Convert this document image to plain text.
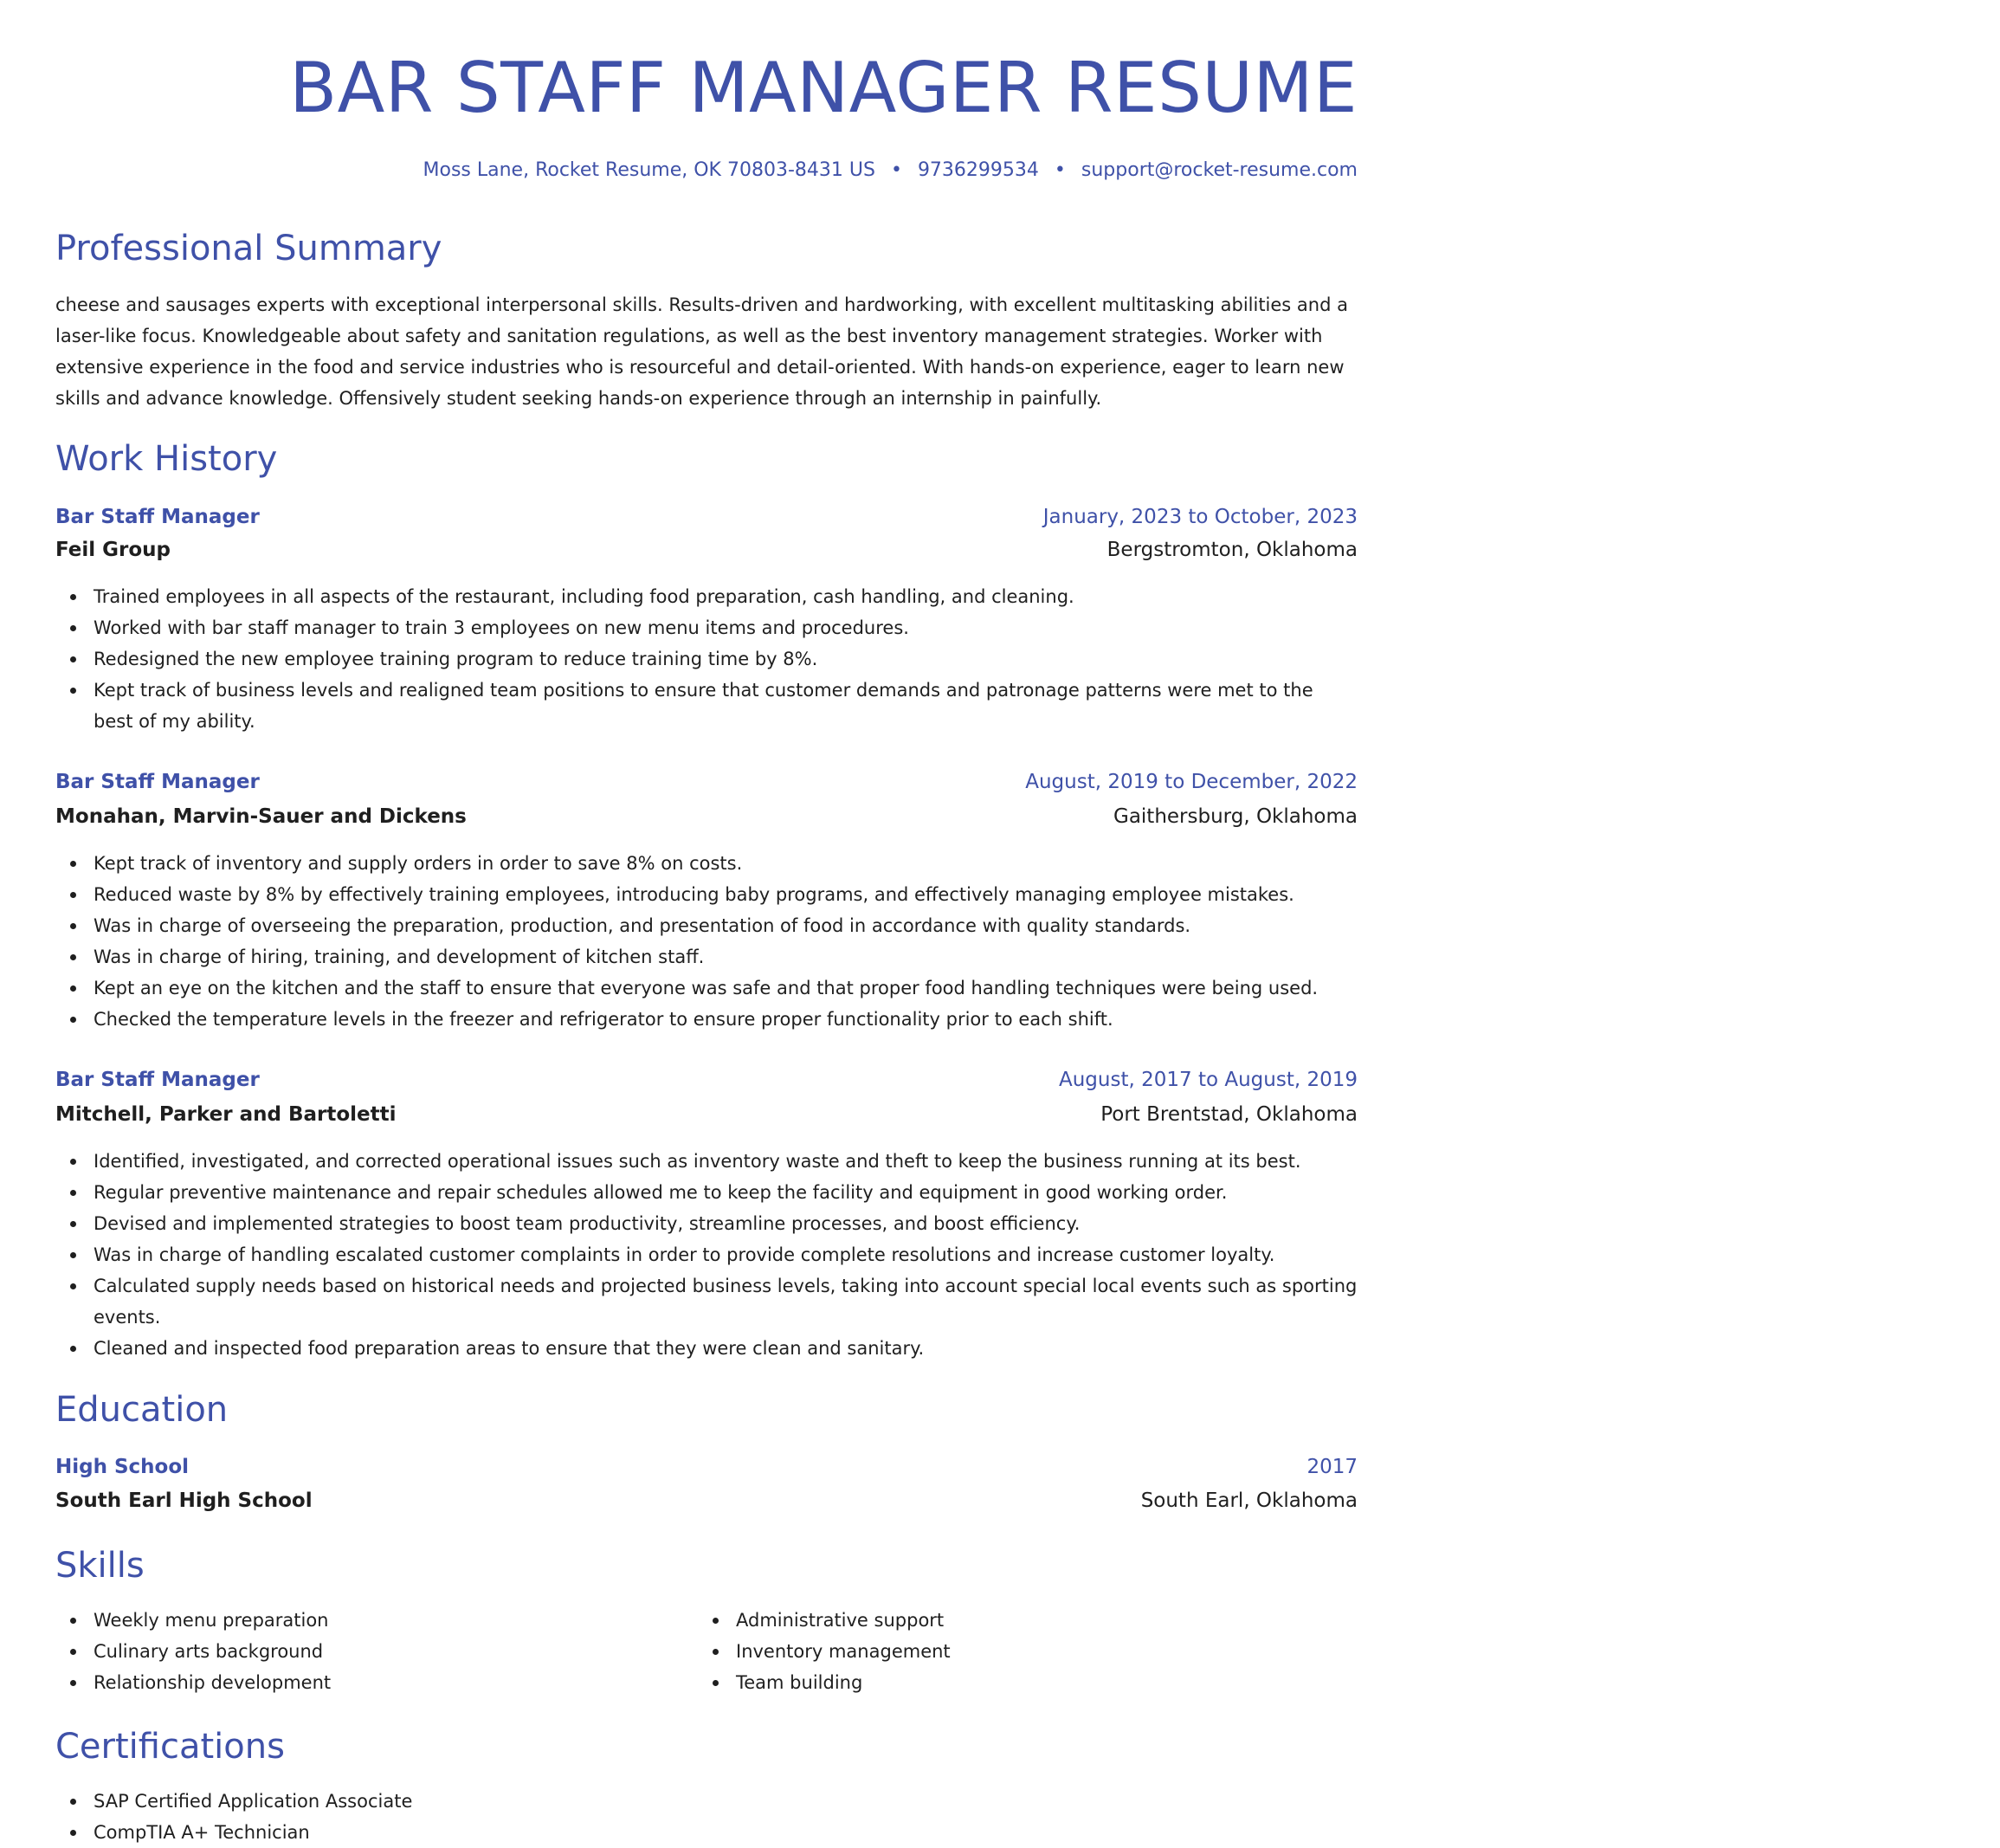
BAR STAFF MANAGER RESUME
Moss Lane, Rocket Resume, OK 70803-8431 US • 9736299534 • support@rocket-resume.com
Professional Summary

cheese and sausages experts with exceptional interpersonal skills. Results-driven and hardworking, with excellent multitasking abilities and a laser-like focus. Knowledgeable about safety and sanitation regulations, as well as the best inventory management strategies. Worker with extensive experience in the food and service industries who is resourceful and detail-oriented. With hands-on experience, eager to learn new skills and advance knowledge. Offensively student seeking hands-on experience through an internship in painfully.

Work History
Bar Staff Manager	January, 2023 to October, 2023
Feil Group	Bergstromton, Oklahoma
Trained employees in all aspects of the restaurant, including food preparation, cash handling, and cleaning.
Worked with bar staff manager to train 3 employees on new menu items and procedures.
Redesigned the new employee training program to reduce training time by 8%.
Kept track of business levels and realigned team positions to ensure that customer demands and patronage patterns were met to the best of my ability.
Bar Staff Manager	August, 2019 to December, 2022
Monahan, Marvin-Sauer and Dickens	Gaithersburg, Oklahoma
Kept track of inventory and supply orders in order to save 8% on costs.
Reduced waste by 8% by effectively training employees, introducing baby programs, and effectively managing employee mistakes.
Was in charge of overseeing the preparation, production, and presentation of food in accordance with quality standards.
Was in charge of hiring, training, and development of kitchen staff.
Kept an eye on the kitchen and the staff to ensure that everyone was safe and that proper food handling techniques were being used.
Checked the temperature levels in the freezer and refrigerator to ensure proper functionality prior to each shift.
Bar Staff Manager	August, 2017 to August, 2019
Mitchell, Parker and Bartoletti	Port Brentstad, Oklahoma
Identified, investigated, and corrected operational issues such as inventory waste and theft to keep the business running at its best.
Regular preventive maintenance and repair schedules allowed me to keep the facility and equipment in good working order.
Devised and implemented strategies to boost team productivity, streamline processes, and boost efficiency.
Was in charge of handling escalated customer complaints in order to provide complete resolutions and increase customer loyalty.
Calculated supply needs based on historical needs and projected business levels, taking into account special local events such as sporting events.
Cleaned and inspected food preparation areas to ensure that they were clean and sanitary.
Education
High School	2017
South Earl High School	South Earl, Oklahoma
Skills
Weekly menu preparation
Culinary arts background
Relationship development
Administrative support
Inventory management
Team building
Certifications
SAP Certified Application Associate
CompTIA A+ Technician
